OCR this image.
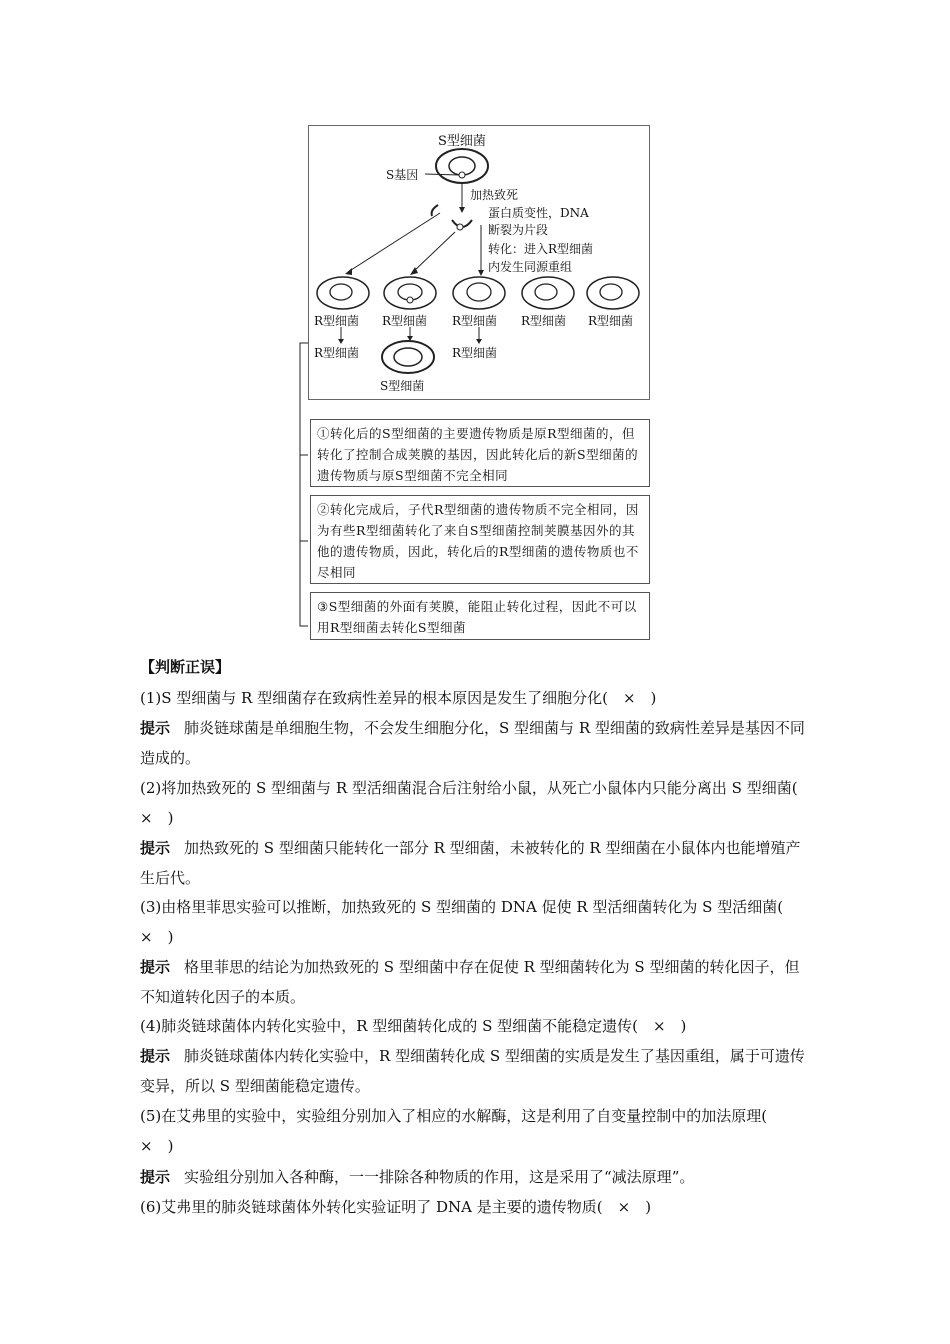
S型细菌
S基因
加热致死
蛋白质变性，DNA
断裂为片段
转化：进入R型细菌
内发生同源重组
R型细菌 R型细菌 R型细菌 R型细菌 R型细菌
R型细菌
S型细菌
R型细菌
①转化后的S型细菌的主要遗传物质是原R型细菌的，但转化了控制合成荚膜的基因，因此转化后的新S型细菌的遗传物质与原S型细菌不完全相同
②转化完成后，子代R型细菌的遗传物质不完全相同，因为有些R型细菌转化了来自S型细菌控制荚膜基因外的其他的遗传物质，因此，转化后的R型细菌的遗传物质也不尽相同
③S型细菌的外面有荚膜，能阻止转化过程，因此不可以用R型细菌去转化S型细菌
【判断正误】
(1)S 型细菌与 R 型细菌存在致病性差异的根本原因是发生了细胞分化(　×　)
提示 肺炎链球菌是单细胞生物，不会发生细胞分化，S 型细菌与 R 型细菌的致病性差异是基因不同造成的。
(2)将加热致死的 S 型细菌与 R 型活细菌混合后注射给小鼠，从死亡小鼠体内只能分离出 S 型细菌(　×　)
提示 加热致死的 S 型细菌只能转化一部分 R 型细菌，未被转化的 R 型细菌在小鼠体内也能增殖产生后代。
(3)由格里菲思实验可以推断，加热致死的 S 型细菌的 DNA 促使 R 型活细菌转化为 S 型活细菌(　×　)
提示 格里菲思的结论为加热致死的 S 型细菌中存在促使 R 型细菌转化为 S 型细菌的转化因子，但不知道转化因子的本质。
(4)肺炎链球菌体内转化实验中，R 型细菌转化成的 S 型细菌不能稳定遗传(　×　)
提示 肺炎链球菌体内转化实验中，R 型细菌转化成 S 型细菌的实质是发生了基因重组，属于可遗传变异，所以 S 型细菌能稳定遗传。
(5)在艾弗里的实验中，实验组分别加入了相应的水解酶，这是利用了自变量控制中的加法原理(　×　)
提示 实验组分别加入各种酶，一一排除各种物质的作用，这是采用了“减法原理”。
(6)艾弗里的肺炎链球菌体外转化实验证明了 DNA 是主要的遗传物质(　×　)
